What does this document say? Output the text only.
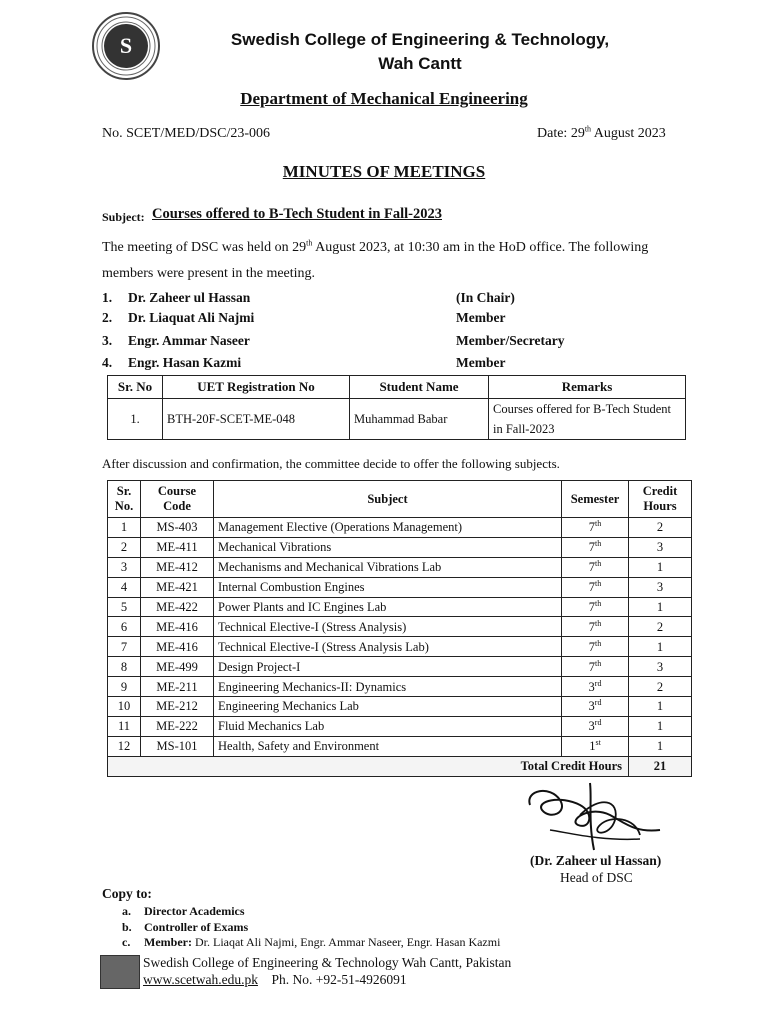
S	Swedish College of Engineering & Technology,
Wah Cantt
Department of Mechanical Engineering
No. SCET/MED/DSC/23-006	Date: 29th August 2023
MINUTES OF MEETINGS
Subject: Courses offered to B-Tech Student in Fall-2023
The meeting of DSC was held on 29th August 2023, at 10:30 am in the HoD office. The following
members were present in the meeting.
1. Dr. Zaheer ul Hassan	(In Chair)
2. Dr. Liaquat Ali Najmi	Member
3. Engr. Ammar Naseer	Member/Secretary
4. Engr. Hasan Kazmi	Member
Sr. No	UET Registration No	Student Name	Remarks
1.	BTH-20F-SCET-ME-048	Muhammad Babar	Courses offered for B-Tech Student in Fall-2023
After discussion and confirmation, the committee decide to offer the following subjects.
Sr. No.	Course Code	Subject	Semester	Credit Hours
1	MS-403	Management Elective (Operations Management)	7th	2
2	ME-411	Mechanical Vibrations	7th	3
3	ME-412	Mechanisms and Mechanical Vibrations Lab	7th	1
4	ME-421	Internal Combustion Engines	7th	3
5	ME-422	Power Plants and IC Engines Lab	7th	1
6	ME-416	Technical Elective-I (Stress Analysis)	7th	2
7	ME-416	Technical Elective-I (Stress Analysis Lab)	7th	1
8	ME-499	Design Project-I	7th	3
9	ME-211	Engineering Mechanics-II: Dynamics	3rd	2
10	ME-212	Engineering Mechanics Lab	3rd	1
11	ME-222	Fluid Mechanics Lab	3rd	1
12	MS-101	Health, Safety and Environment	1st	1
Total Credit Hours				21
(Dr. Zaheer ul Hassan)
Head of DSC
Copy to:
a. Director Academics
b. Controller of Exams
c. Member: Dr. Liaqat Ali Najmi, Engr. Ammar Naseer, Engr. Hasan Kazmi
Swedish College of Engineering & Technology Wah Cantt, Pakistan
www.scetwah.edu.pk Ph. No. +92-51-4926091
